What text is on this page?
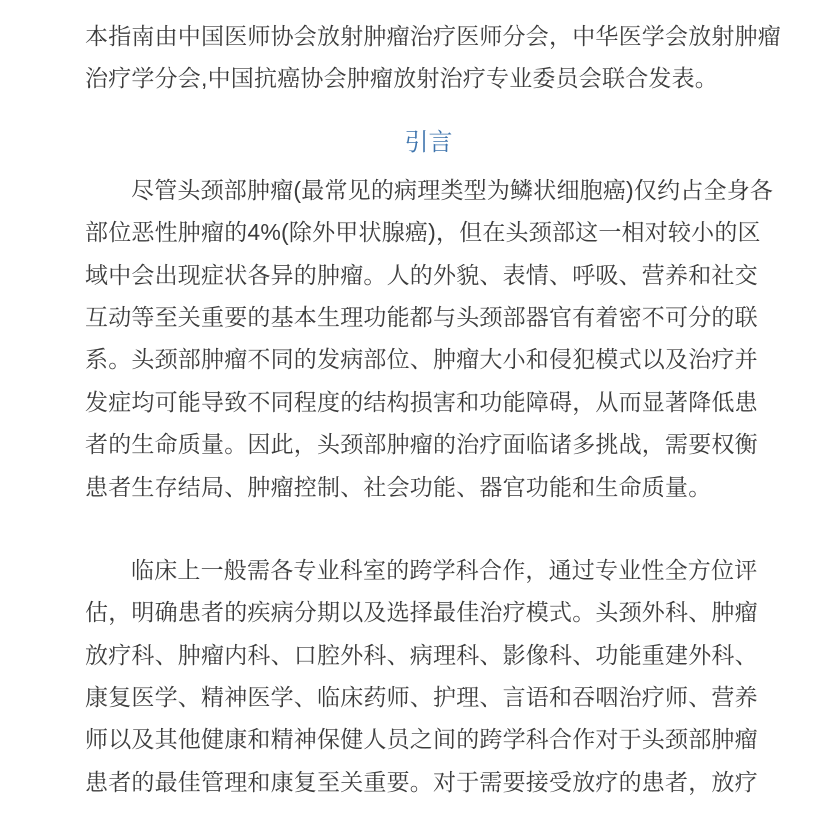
本指南由中国医师协会放射肿瘤治疗医师分会，中华医学会放射肿瘤
治疗学分会,中国抗癌协会肿瘤放射治疗专业委员会联合发表。
引言
尽管头颈部肿瘤(最常见的病理类型为鳞状细胞癌)仅约占全身各
部位恶性肿瘤的4%(除外甲状腺癌)，但在头颈部这一相对较小的区
域中会出现症状各异的肿瘤。人的外貌、表情、呼吸、营养和社交
互动等至关重要的基本生理功能都与头颈部器官有着密不可分的联
系。头颈部肿瘤不同的发病部位、肿瘤大小和侵犯模式以及治疗并
发症均可能导致不同程度的结构损害和功能障碍，从而显著降低患
者的生命质量。因此，头颈部肿瘤的治疗面临诸多挑战，需要权衡
患者生存结局、肿瘤控制、社会功能、器官功能和生命质量。
临床上一般需各专业科室的跨学科合作，通过专业性全方位评
估，明确患者的疾病分期以及选择最佳治疗模式。头颈外科、肿瘤
放疗科、肿瘤内科、口腔外科、病理科、影像科、功能重建外科、
康复医学、精神医学、临床药师、护理、言语和吞咽治疗师、营养
师以及其他健康和精神保健人员之间的跨学科合作对于头颈部肿瘤
患者的最佳管理和康复至关重要。对于需要接受放疗的患者，放疗
